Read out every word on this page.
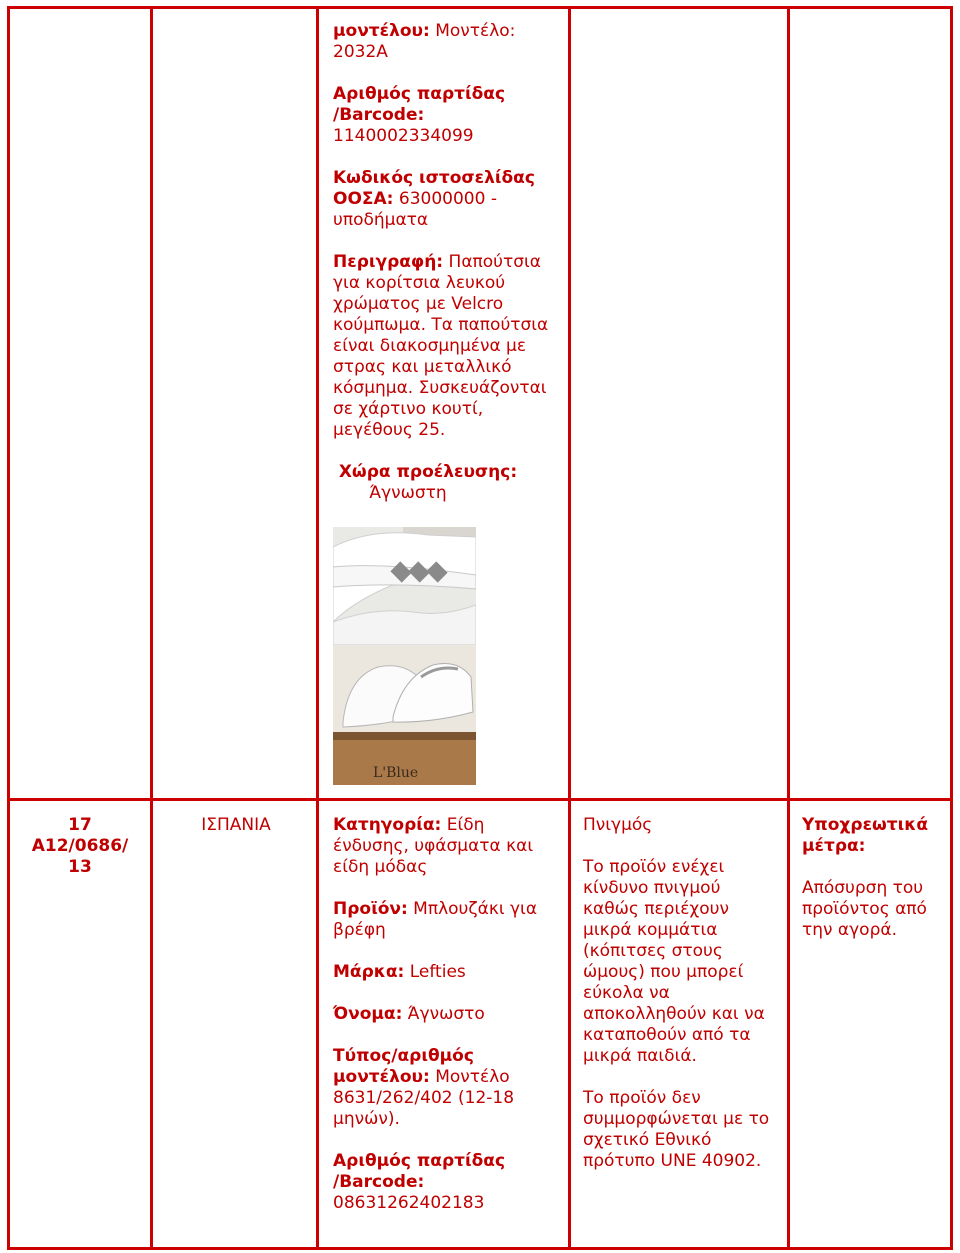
μοντέλου: Μοντέλο: 2032A

Αριθμός παρτίδας

/Barcode:

1140002334099

Κωδικός ιστοσελίδας

ΟΟΣΑ: 63000000 - υποδήματα

Περιγραφή: Παπούτσια για κορίτσια λευκού χρώματος με Velcro κούμπωμα. Τα παπούτσια είναι διακοσμημένα με στρας και μεταλλικό κόσμημα. Συσκευάζονται σε χάρτινο κουτί, μεγέθους 25.

Χώρα προέλευσης:

Άγνωστη

L'Blue

17

A12/0686/ 13

ΙΣΠΑΝΙΑ	Κατηγορία: Είδη ένδυσης, υφάσματα και είδη μόδας

Προϊόν: Μπλουζάκι για βρέφη

Μάρκα: Lefties

Όνομα: Άγνωστο

Τύπος/αριθμός μοντέλου: Μοντέλο 8631/262/402 (12-18 μηνών).

Αριθμός παρτίδας /Barcode:

08631262402183

Πνιγμός

Το προϊόν ενέχει κίνδυνο πνιγμού καθώς περιέχουν μικρά κομμάτια (κόπιτσες στους ώμους) που μπορεί εύκολα να αποκολληθούν και να καταποθούν από τα μικρά παιδιά.

Το προϊόν δεν συμμορφώνεται με το σχετικό Εθνικό πρότυπο UNE 40902.

Υποχρεωτικά μέτρα:

Απόσυρση του προϊόντος από την αγορά.
